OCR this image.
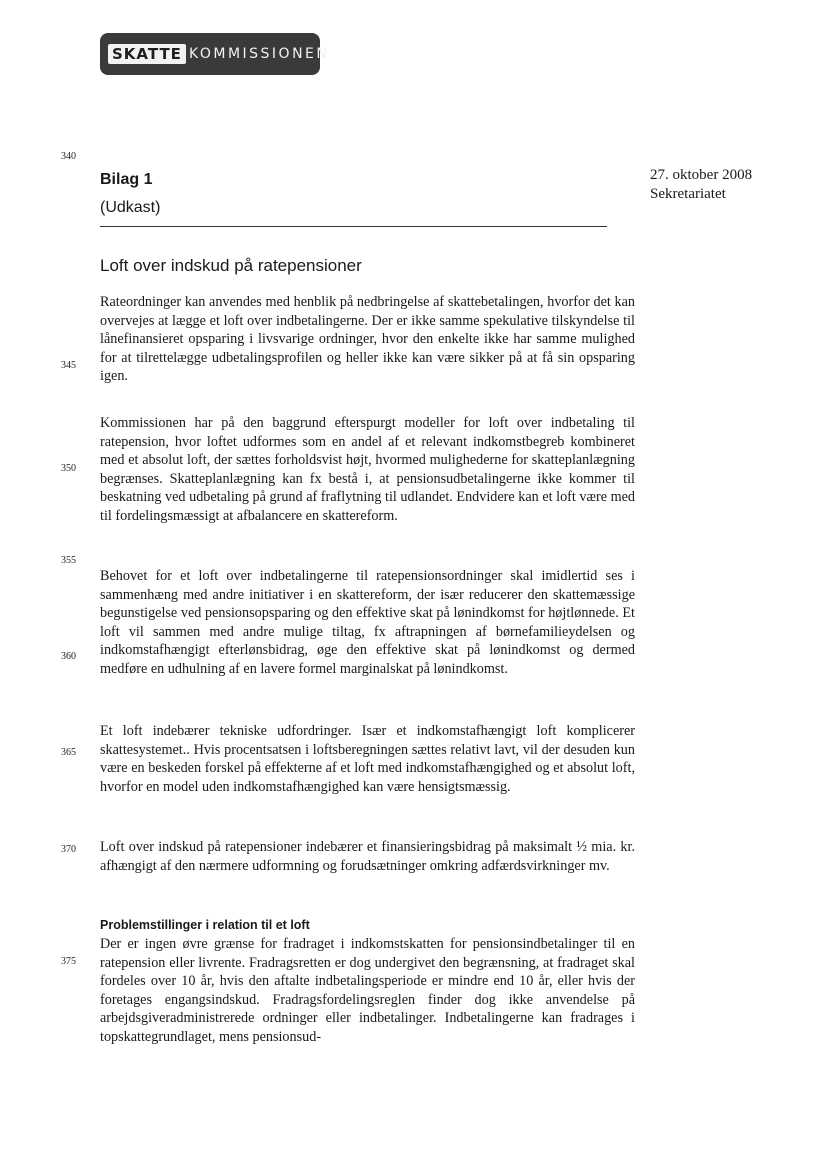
SKATTE KOMMISSIONEN
340
345
350
355
360
365
370
375
27. oktober 2008
Sekretariatet
Bilag 1
(Udkast)
Loft over indskud på ratepensioner

Rateordninger kan anvendes med henblik på nedbringelse af skattebetalingen, hvorfor det kan overvejes at lægge et loft over indbetalingerne. Der er ikke samme spekulative tilskyndelse til lånefinansieret opsparing i livsvarige ordninger, hvor den enkelte ikke har samme mulighed for at tilrettelægge udbetalingsprofilen og heller ikke kan være sikker på at få sin opsparing igen.

Kommissionen har på den baggrund efterspurgt modeller for loft over indbetaling til ratepension, hvor loftet udformes som en andel af et relevant indkomstbegreb kombineret med et absolut loft, der sættes forholdsvist højt, hvormed mulighederne for skatteplanlægning begrænses. Skatteplanlægning kan fx bestå i, at pensionsudbetalingerne ikke kommer til beskatning ved udbetaling på grund af fraflytning til udlandet. Endvidere kan et loft være med til fordelingsmæssigt at afbalancere en skattereform.

Behovet for et loft over indbetalingerne til ratepensionsordninger skal imidlertid ses i sammenhæng med andre initiativer i en skattereform, der især reducerer den skattemæssige begunstigelse ved pensionsopsparing og den effektive skat på lønindkomst for højtlønnede. Et loft vil sammen med andre mulige tiltag, fx aftrapningen af børnefamilieydelsen og indkomstafhængigt efterlønsbidrag, øge den effektive skat på lønindkomst og dermed medføre en udhulning af en lavere formel marginalskat på lønindkomst.

Et loft indebærer tekniske udfordringer. Især et indkomstafhængigt loft komplicerer skattesystemet.. Hvis procentsatsen i loftsberegningen sættes relativt lavt, vil der desuden kun være en beskeden forskel på effekterne af et loft med indkomstafhængighed og et absolut loft, hvorfor en model uden indkomstafhængighed kan være hensigtsmæssig.

Loft over indskud på ratepensioner indebærer et finansieringsbidrag på maksimalt ½ mia. kr. afhængigt af den nærmere udformning og forudsætninger omkring adfærdsvirkninger mv.

Problemstillinger i relation til et loft

Der er ingen øvre grænse for fradraget i indkomstskatten for pensionsindbetalinger til en ratepension eller livrente. Fradragsretten er dog undergivet den begrænsning, at fradraget skal fordeles over 10 år, hvis den aftalte indbetalingsperiode er mindre end 10 år, eller hvis der foretages engangsindskud. Fradragsfordelingsreglen finder dog ikke anvendelse på arbejdsgiveradministrerede ordninger eller indbetalinger. Indbetalingerne kan fradrages i topskattegrundlaget, mens pensionsud-
